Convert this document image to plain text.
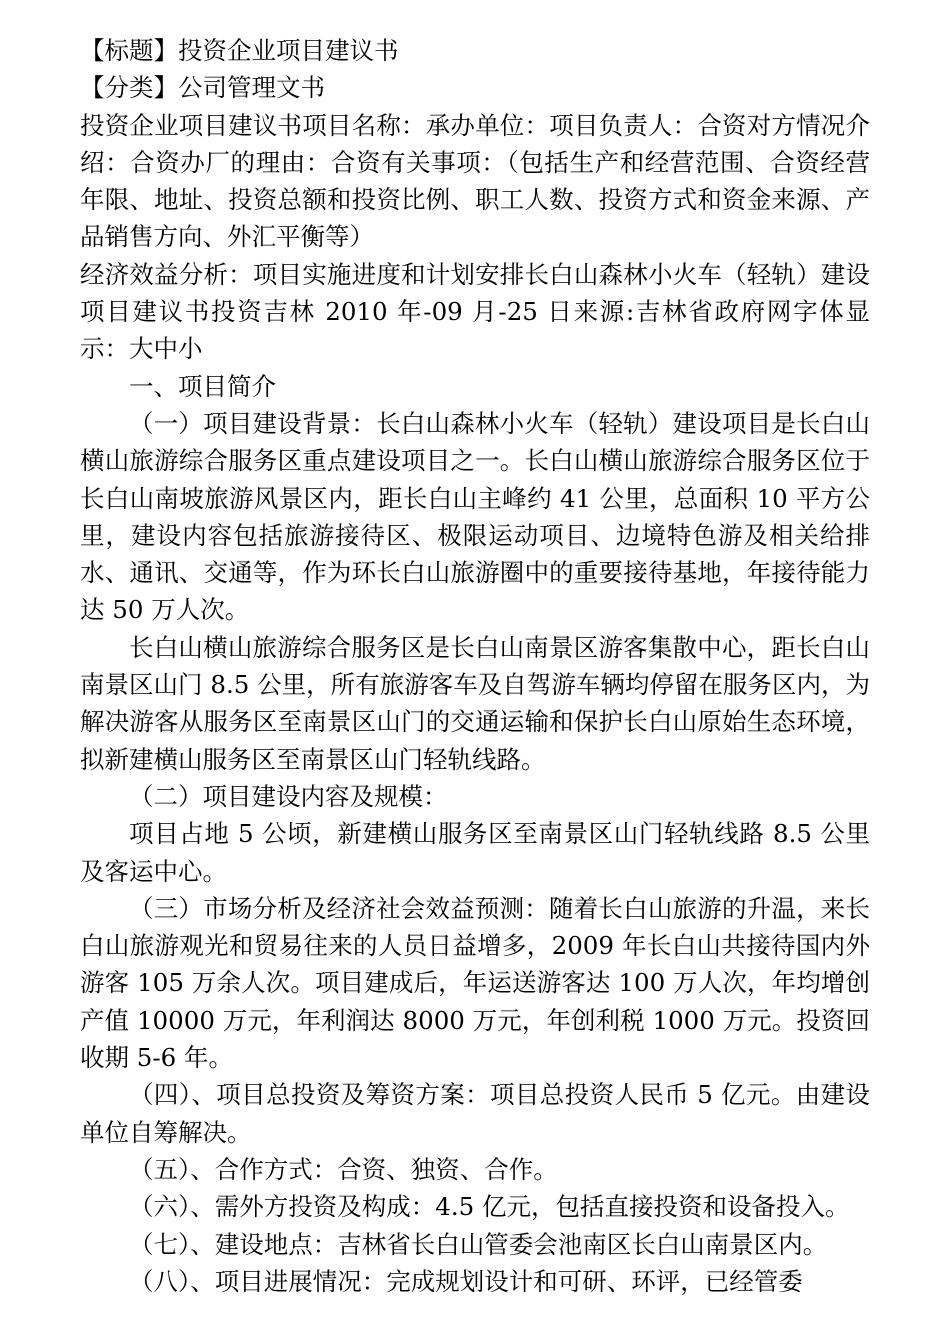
【标题】投资企业项目建议书

【分类】公司管理文书

投资企业项目建议书项目名称：承办单位：项目负责人：合资对方情况介绍：合资办厂的理由：合资有关事项：（包括生产和经营范围、合资经营年限、地址、投资总额和投资比例、职工人数、投资方式和资金来源、产品销售方向、外汇平衡等）

经济效益分析：项目实施进度和计划安排长白山森林小火车（轻轨）建设项目建议书投资吉林 2010 年-09 月-25 日来源:吉林省政府网字体显示：大中小

一、项目简介

（一）项目建设背景：长白山森林小火车（轻轨）建设项目是长白山横山旅游综合服务区重点建设项目之一。长白山横山旅游综合服务区位于长白山南坡旅游风景区内，距长白山主峰约 41 公里，总面积 10 平方公里，建设内容包括旅游接待区、极限运动项目、边境特色游及相关给排水、通讯、交通等，作为环长白山旅游圈中的重要接待基地，年接待能力达 50 万人次。

长白山横山旅游综合服务区是长白山南景区游客集散中心，距长白山南景区山门 8.5 公里，所有旅游客车及自驾游车辆均停留在服务区内，为解决游客从服务区至南景区山门的交通运输和保护长白山原始生态环境，拟新建横山服务区至南景区山门轻轨线路。

（二）项目建设内容及规模：

项目占地 5 公顷，新建横山服务区至南景区山门轻轨线路 8.5 公里及客运中心。

（三）市场分析及经济社会效益预测：随着长白山旅游的升温，来长白山旅游观光和贸易往来的人员日益增多，2009 年长白山共接待国内外游客 105 万余人次。项目建成后，年运送游客达 100 万人次，年均增创产值 10000 万元，年利润达 8000 万元，年创利税 1000 万元。投资回收期 5-6 年。

（四）、项目总投资及筹资方案：项目总投资人民币 5 亿元。由建设单位自筹解决。

（五）、合作方式：合资、独资、合作。

（六）、需外方投资及构成：4.5 亿元，包括直接投资和设备投入。

（七）、建设地点：吉林省长白山管委会池南区长白山南景区内。

（八）、项目进展情况：完成规划设计和可研、环评，已经管委
